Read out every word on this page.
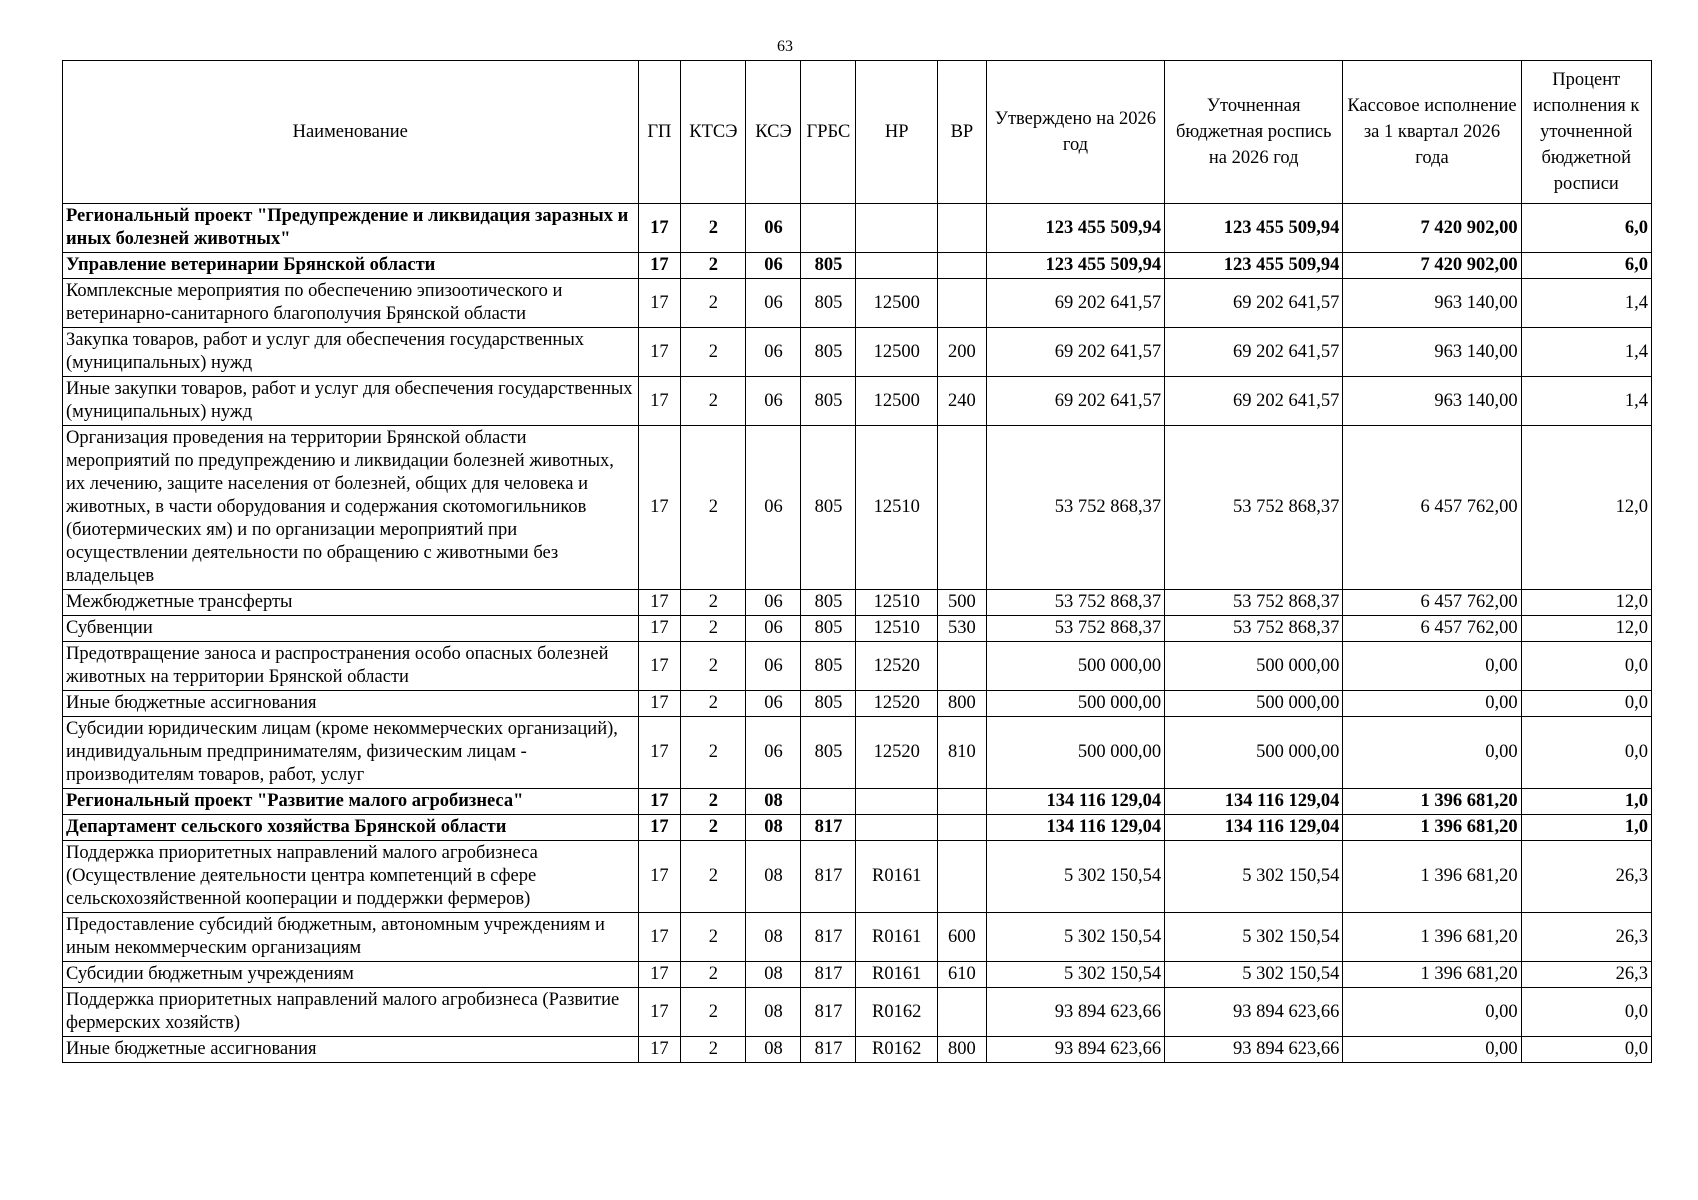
63
Наименование	ГП	КТСЭ	КСЭ	ГРБС	НР	ВР	Утверждено на 2026 год	Уточненная бюджетная роспись на 2026 год	Кассовое исполнение за 1 квартал 2026 года	Процент исполнения к уточненной бюджетной росписи
Региональный проект "Предупреждение и ликвидация заразных и иных болезней животных"	17	2	06				123 455 509,94	123 455 509,94	7 420 902,00	6,0
Управление ветеринарии Брянской области	17	2	06	805			123 455 509,94	123 455 509,94	7 420 902,00	6,0
Комплексные мероприятия по обеспечению эпизоотического и ветеринарно-санитарного благополучия Брянской области	17	2	06	805	12500		69 202 641,57	69 202 641,57	963 140,00	1,4
Закупка товаров, работ и услуг для обеспечения государственных (муниципальных) нужд	17	2	06	805	12500	200	69 202 641,57	69 202 641,57	963 140,00	1,4
Иные закупки товаров, работ и услуг для обеспечения государственных (муниципальных) нужд	17	2	06	805	12500	240	69 202 641,57	69 202 641,57	963 140,00	1,4
Организация проведения на территории Брянской области мероприятий по предупреждению и ликвидации болезней животных, их лечению, защите населения от болезней, общих для человека и животных, в части оборудования и содержания скотомогильников (биотермических ям) и по организации мероприятий при осуществлении деятельности по обращению с животными без владельцев	17	2	06	805	12510		53 752 868,37	53 752 868,37	6 457 762,00	12,0
Межбюджетные трансферты	17	2	06	805	12510	500	53 752 868,37	53 752 868,37	6 457 762,00	12,0
Субвенции	17	2	06	805	12510	530	53 752 868,37	53 752 868,37	6 457 762,00	12,0
Предотвращение заноса и распространения особо опасных болезней животных на территории Брянской области	17	2	06	805	12520		500 000,00	500 000,00	0,00	0,0
Иные бюджетные ассигнования	17	2	06	805	12520	800	500 000,00	500 000,00	0,00	0,0
Субсидии юридическим лицам (кроме некоммерческих организаций), индивидуальным предпринимателям, физическим лицам - производителям товаров, работ, услуг	17	2	06	805	12520	810	500 000,00	500 000,00	0,00	0,0
Региональный проект "Развитие малого агробизнеса"	17	2	08				134 116 129,04	134 116 129,04	1 396 681,20	1,0
Департамент сельского хозяйства Брянской области	17	2	08	817			134 116 129,04	134 116 129,04	1 396 681,20	1,0
Поддержка приоритетных направлений малого агробизнеса (Осуществление деятельности центра компетенций в сфере сельскохозяйственной кооперации и поддержки фермеров)	17	2	08	817	R0161		5 302 150,54	5 302 150,54	1 396 681,20	26,3
Предоставление субсидий бюджетным, автономным учреждениям и иным некоммерческим организациям	17	2	08	817	R0161	600	5 302 150,54	5 302 150,54	1 396 681,20	26,3
Субсидии бюджетным учреждениям	17	2	08	817	R0161	610	5 302 150,54	5 302 150,54	1 396 681,20	26,3
Поддержка приоритетных направлений малого агробизнеса (Развитие фермерских хозяйств)	17	2	08	817	R0162		93 894 623,66	93 894 623,66	0,00	0,0
Иные бюджетные ассигнования	17	2	08	817	R0162	800	93 894 623,66	93 894 623,66	0,00	0,0
